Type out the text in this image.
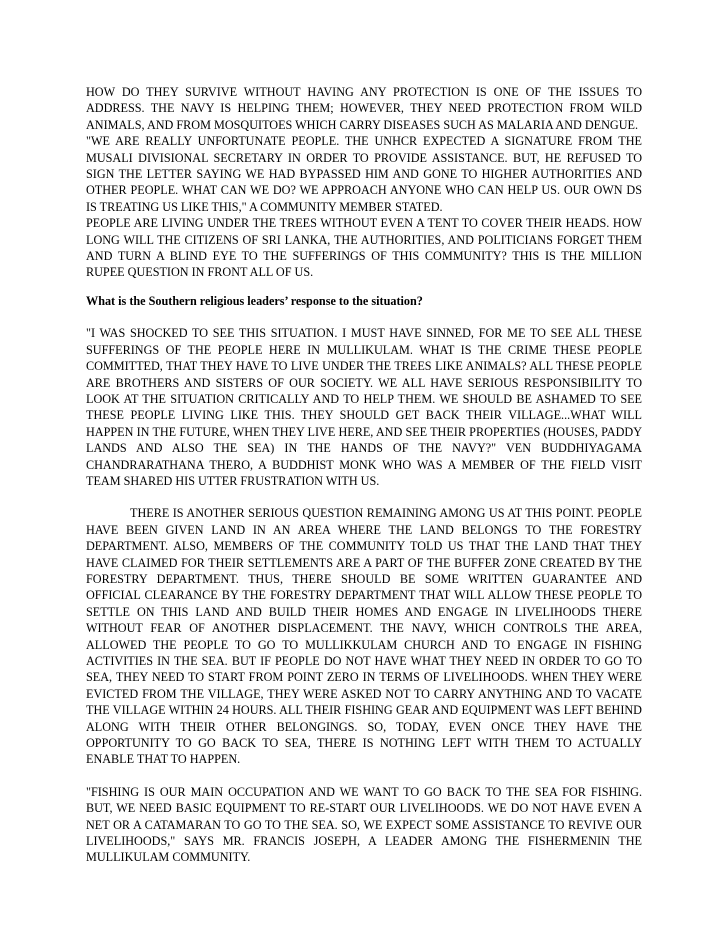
HOW DO THEY SURVIVE WITHOUT HAVING ANY PROTECTION IS ONE OF THE ISSUES TO ADDRESS. THE NAVY IS HELPING THEM; HOWEVER, THEY NEED PROTECTION FROM WILD ANIMALS, AND FROM MOSQUITOES WHICH CARRY DISEASES SUCH AS MALARIA AND DENGUE.

"WE ARE REALLY UNFORTUNATE PEOPLE. THE UNHCR EXPECTED A SIGNATURE FROM THE MUSALI DIVISIONAL SECRETARY IN ORDER TO PROVIDE ASSISTANCE. BUT, HE REFUSED TO SIGN THE LETTER SAYING WE HAD BYPASSED HIM AND GONE TO HIGHER AUTHORITIES AND OTHER PEOPLE. WHAT CAN WE DO? WE APPROACH ANYONE WHO CAN HELP US. OUR OWN DS IS TREATING US LIKE THIS," A COMMUNITY MEMBER STATED.

PEOPLE ARE LIVING UNDER THE TREES WITHOUT EVEN A TENT TO COVER THEIR HEADS. HOW LONG WILL THE CITIZENS OF SRI LANKA, THE AUTHORITIES, AND POLITICIANS FORGET THEM AND TURN A BLIND EYE TO THE SUFFERINGS OF THIS COMMUNITY? THIS IS THE MILLION RUPEE QUESTION IN FRONT ALL OF US.

What is the Southern religious leaders’ response to the situation?

"I WAS SHOCKED TO SEE THIS SITUATION. I MUST HAVE SINNED, FOR ME TO SEE ALL THESE SUFFERINGS OF THE PEOPLE HERE IN MULLIKULAM. WHAT IS THE CRIME THESE PEOPLE COMMITTED, THAT THEY HAVE TO LIVE UNDER THE TREES LIKE ANIMALS? ALL THESE PEOPLE ARE BROTHERS AND SISTERS OF OUR SOCIETY. WE ALL HAVE SERIOUS RESPONSIBILITY TO LOOK AT THE SITUATION CRITICALLY AND TO HELP THEM. WE SHOULD BE ASHAMED TO SEE THESE PEOPLE LIVING LIKE THIS. THEY SHOULD GET BACK THEIR VILLAGE...WHAT WILL HAPPEN IN THE FUTURE, WHEN THEY LIVE HERE, AND SEE THEIR PROPERTIES (HOUSES, PADDY LANDS AND ALSO THE SEA) IN THE HANDS OF THE NAVY?" VEN BUDDHIYAGAMA CHANDRARATHANA THERO, A BUDDHIST MONK WHO WAS A MEMBER OF THE FIELD VISIT TEAM SHARED HIS UTTER FRUSTRATION WITH US.

THERE IS ANOTHER SERIOUS QUESTION REMAINING AMONG US AT THIS POINT. PEOPLE HAVE BEEN GIVEN LAND IN AN AREA WHERE THE LAND BELONGS TO THE FORESTRY DEPARTMENT. ALSO, MEMBERS OF THE COMMUNITY TOLD US THAT THE LAND THAT THEY HAVE CLAIMED FOR THEIR SETTLEMENTS ARE A PART OF THE BUFFER ZONE CREATED BY THE FORESTRY DEPARTMENT. THUS, THERE SHOULD BE SOME WRITTEN GUARANTEE AND OFFICIAL CLEARANCE BY THE FORESTRY DEPARTMENT THAT WILL ALLOW THESE PEOPLE TO SETTLE ON THIS LAND AND BUILD THEIR HOMES AND ENGAGE IN LIVELIHOODS THERE WITHOUT FEAR OF ANOTHER DISPLACEMENT. THE NAVY, WHICH CONTROLS THE AREA, ALLOWED THE PEOPLE TO GO TO MULLIKKULAM CHURCH AND TO ENGAGE IN FISHING ACTIVITIES IN THE SEA. BUT IF PEOPLE DO NOT HAVE WHAT THEY NEED IN ORDER TO GO TO SEA, THEY NEED TO START FROM POINT ZERO IN TERMS OF LIVELIHOODS. WHEN THEY WERE EVICTED FROM THE VILLAGE, THEY WERE ASKED NOT TO CARRY ANYTHING AND TO VACATE THE VILLAGE WITHIN 24 HOURS. ALL THEIR FISHING GEAR AND EQUIPMENT WAS LEFT BEHIND ALONG WITH THEIR OTHER BELONGINGS. SO, TODAY, EVEN ONCE THEY HAVE THE OPPORTUNITY TO GO BACK TO SEA, THERE IS NOTHING LEFT WITH THEM TO ACTUALLY ENABLE THAT TO HAPPEN.

"FISHING IS OUR MAIN OCCUPATION AND WE WANT TO GO BACK TO THE SEA FOR FISHING. BUT, WE NEED BASIC EQUIPMENT TO RE-START OUR LIVELIHOODS. WE DO NOT HAVE EVEN A NET OR A CATAMARAN TO GO TO THE SEA. SO, WE EXPECT SOME ASSISTANCE TO REVIVE OUR LIVELIHOODS," SAYS MR. FRANCIS JOSEPH, A LEADER AMONG THE FISHERMENIN THE MULLIKULAM COMMUNITY.
